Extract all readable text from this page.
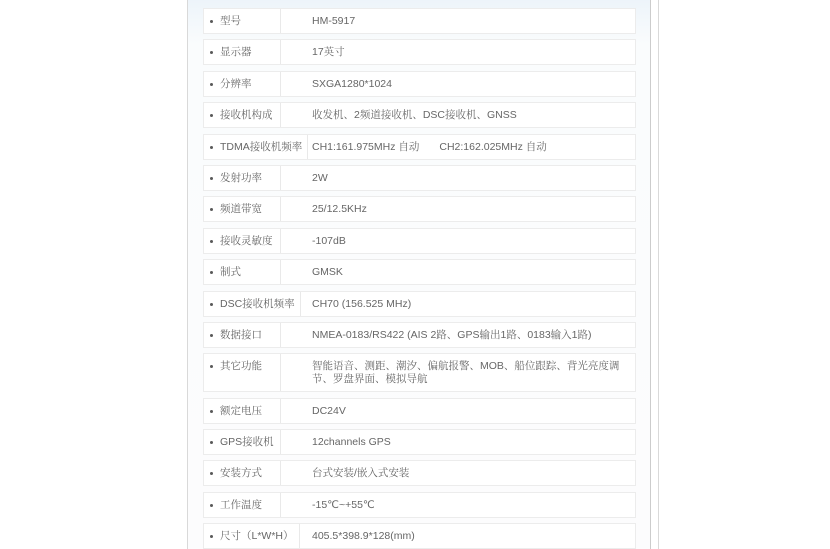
型号	HM-5917
显示器	17英寸
分辨率	SXGA1280*1024
接收机构成	收发机、2频道接收机、DSC接收机、GNSS
TDMA接收机频率 CH1:161.975MHz 自动 CH2:162.025MHz 自动
发射功率	2W
频道带宽	25/12.5KHz
接收灵敏度	-107dB
制式	GMSK
DSC接收机频率 CH70 (156.525 MHz)
数据接口	NMEA-0183/RS422 (AIS 2路、GPS输出1路、0183输入1路)
其它功能	智能语音、测距、潮汐、偏航报警、MOB、船位跟踪、背光亮度调节、罗盘界面、模拟导航
额定电压	DC24V
GPS接收机	12channels GPS
安装方式	台式安装/嵌入式安装
工作温度	-15℃~+55℃
尺寸（L*W*H） 405.5*398.9*128(mm)
